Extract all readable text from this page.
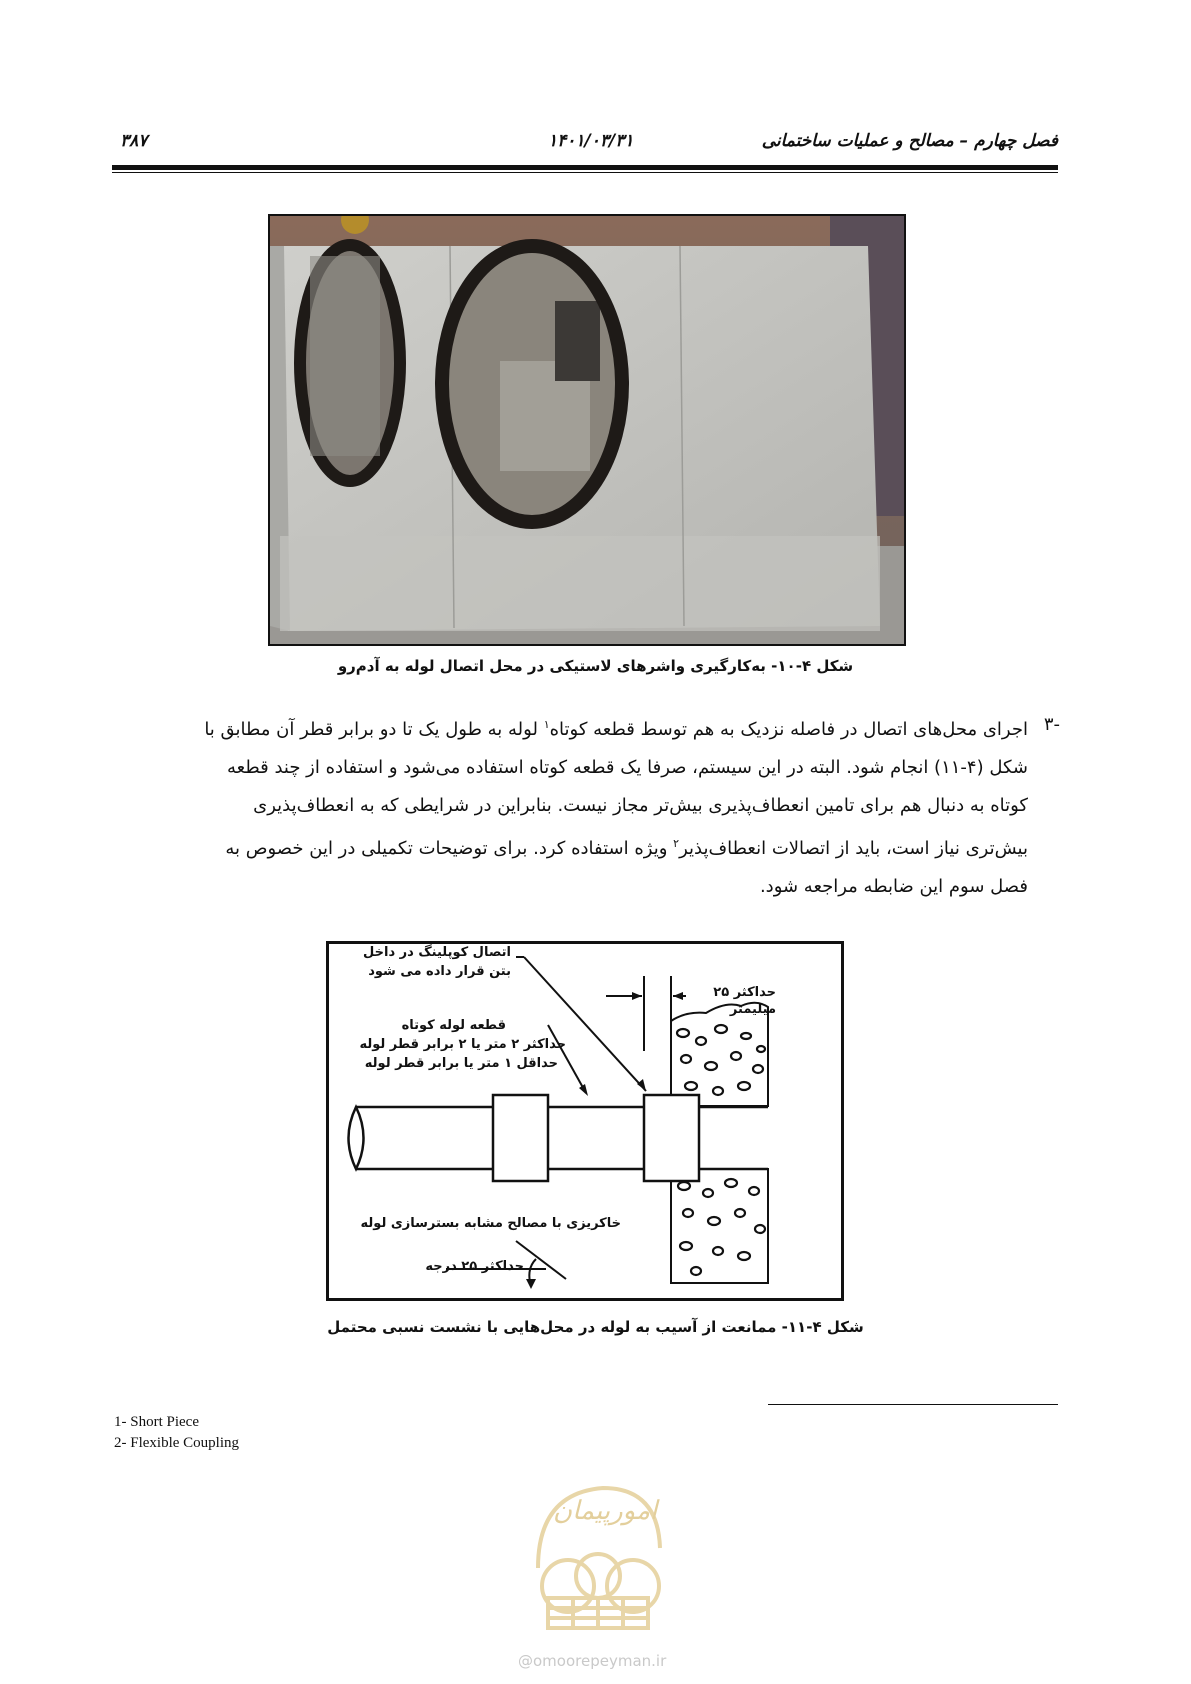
۳۸۷	۱۴۰۱/۰۳/۳۱	فصل چهارم – مصالح و عملیات ساختمانی
شکل ۴-۱۰- به‌کارگیری واشرهای لاستیکی در محل اتصال لوله به آدم‌رو
-۳

اجرای محل‌های اتصال در فاصله نزدیک به هم توسط قطعه کوتاه$^۱$ لوله به طول یک تا دو برابر قطر آن مطابق با

شکل (۴-۱۱) انجام شود. البته در این سیستم، صرفا یک قطعه کوتاه استفاده می‌شود و استفاده از چند قطعه

کوتاه به دنبال هم برای تامین انعطاف‌پذیری بیش‌تر مجاز نیست. بنابراین در شرایطی که به انعطاف‌پذیری

بیش‌تری نیاز است، باید از اتصالات انعطاف‌پذیر$^۲$ ویژه استفاده کرد. برای توضیحات تکمیلی در این خصوص به

فصل سوم این ضابطه مراجعه شود.

اتصال کوپلینگ در داخل
بتن قرار داده می شود
حداکثر ۲۵
میلیمتر
قطعه لوله کوتاه
حداکثر ۲ متر یا ۲ برابر قطر لوله
حداقل ۱ متر یا برابر قطر لوله
خاکریزی با مصالح مشابه بسترسازی لوله
حداکثر ۲۵ درجه
شکل ۴-۱۱- ممانعت از آسیب به لوله در محل‌هایی با نشست نسبی محتمل
1- Short Piece
2- Flexible Coupling
امورپیمان
@omoorepeyman.ir
